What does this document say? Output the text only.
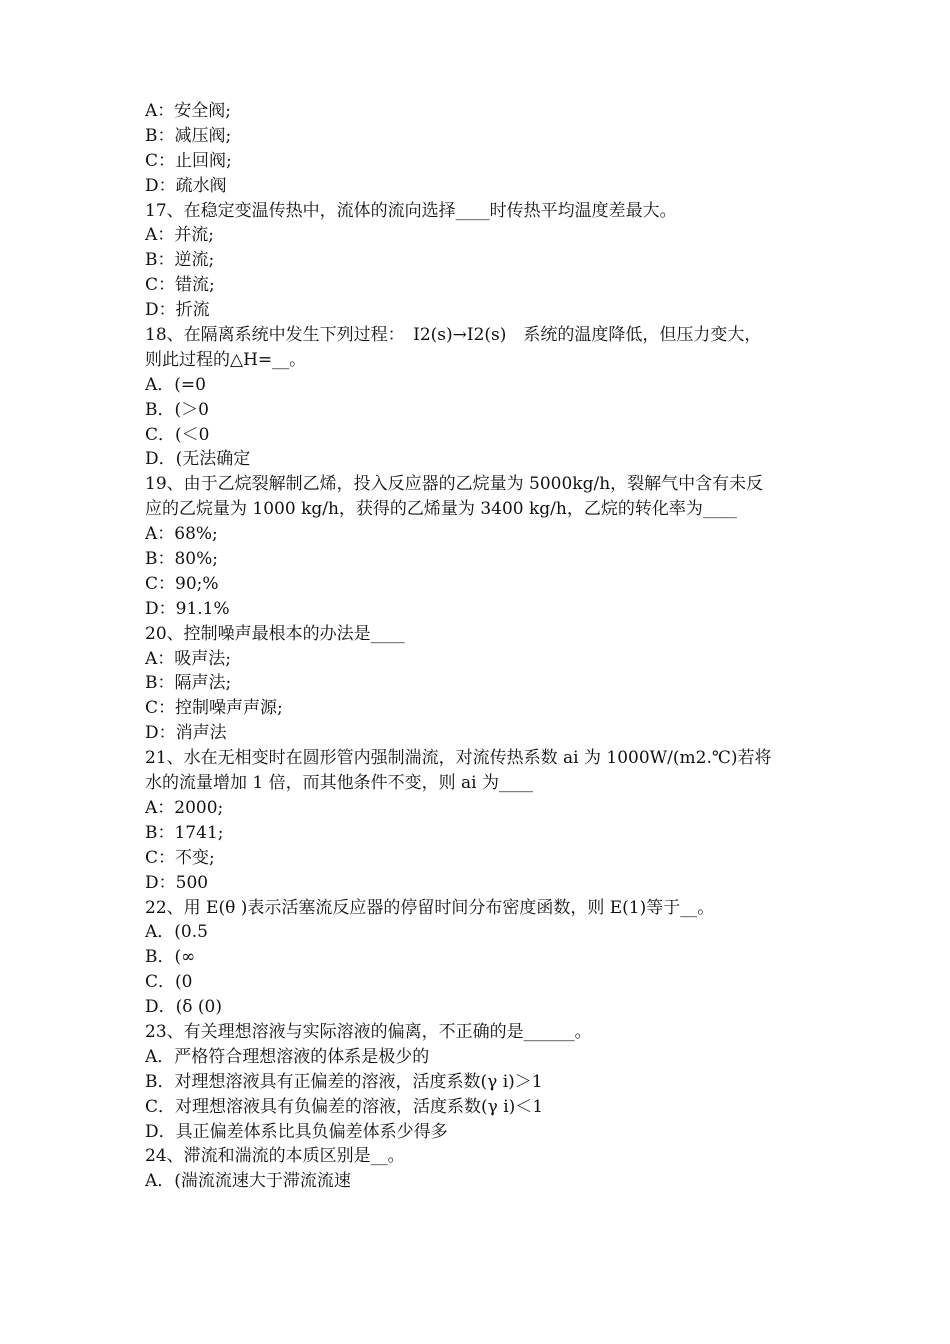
A：安全阀;
B：减压阀;
C：止回阀;
D：疏水阀
17、在稳定变温传热中，流体的流向选择____时传热平均温度差最大。
A：并流;
B：逆流;
C：错流;
D：折流
18、在隔离系统中发生下列过程：　I2(s)→I2(s)　系统的温度降低，但压力变大，
则此过程的△H=__。
A．(=0
B．(＞0
C．(＜0
D．(无法确定
19、由于乙烷裂解制乙烯，投入反应器的乙烷量为 5000kg/h，裂解气中含有未反
应的乙烷量为 1000 kg/h，获得的乙烯量为 3400 kg/h，乙烷的转化率为____
A：68%;
B：80%;
C：90;%
D：91.1%
20、控制噪声最根本的办法是____
A：吸声法;
B：隔声法;
C：控制噪声声源;
D：消声法
21、水在无相变时在圆形管内强制湍流，对流传热系数 ai 为 1000W/(m2.℃)若将
水的流量增加 1 倍，而其他条件不变，则 ai 为____
A：2000;
B：1741;
C：不变;
D：500
22、用 E(θ )表示活塞流反应器的停留时间分布密度函数，则 E(1)等于__。
A．(0.5
B．(∞
C．(0
D．(δ (0)
23、有关理想溶液与实际溶液的偏离，不正确的是______。
A．严格符合理想溶液的体系是极少的
B．对理想溶液具有正偏差的溶液，活度系数(γ i)＞1
C．对理想溶液具有负偏差的溶液，活度系数(γ i)＜1
D．具正偏差体系比具负偏差体系少得多
24、滞流和湍流的本质区别是__。
A．(湍流流速大于滞流流速
